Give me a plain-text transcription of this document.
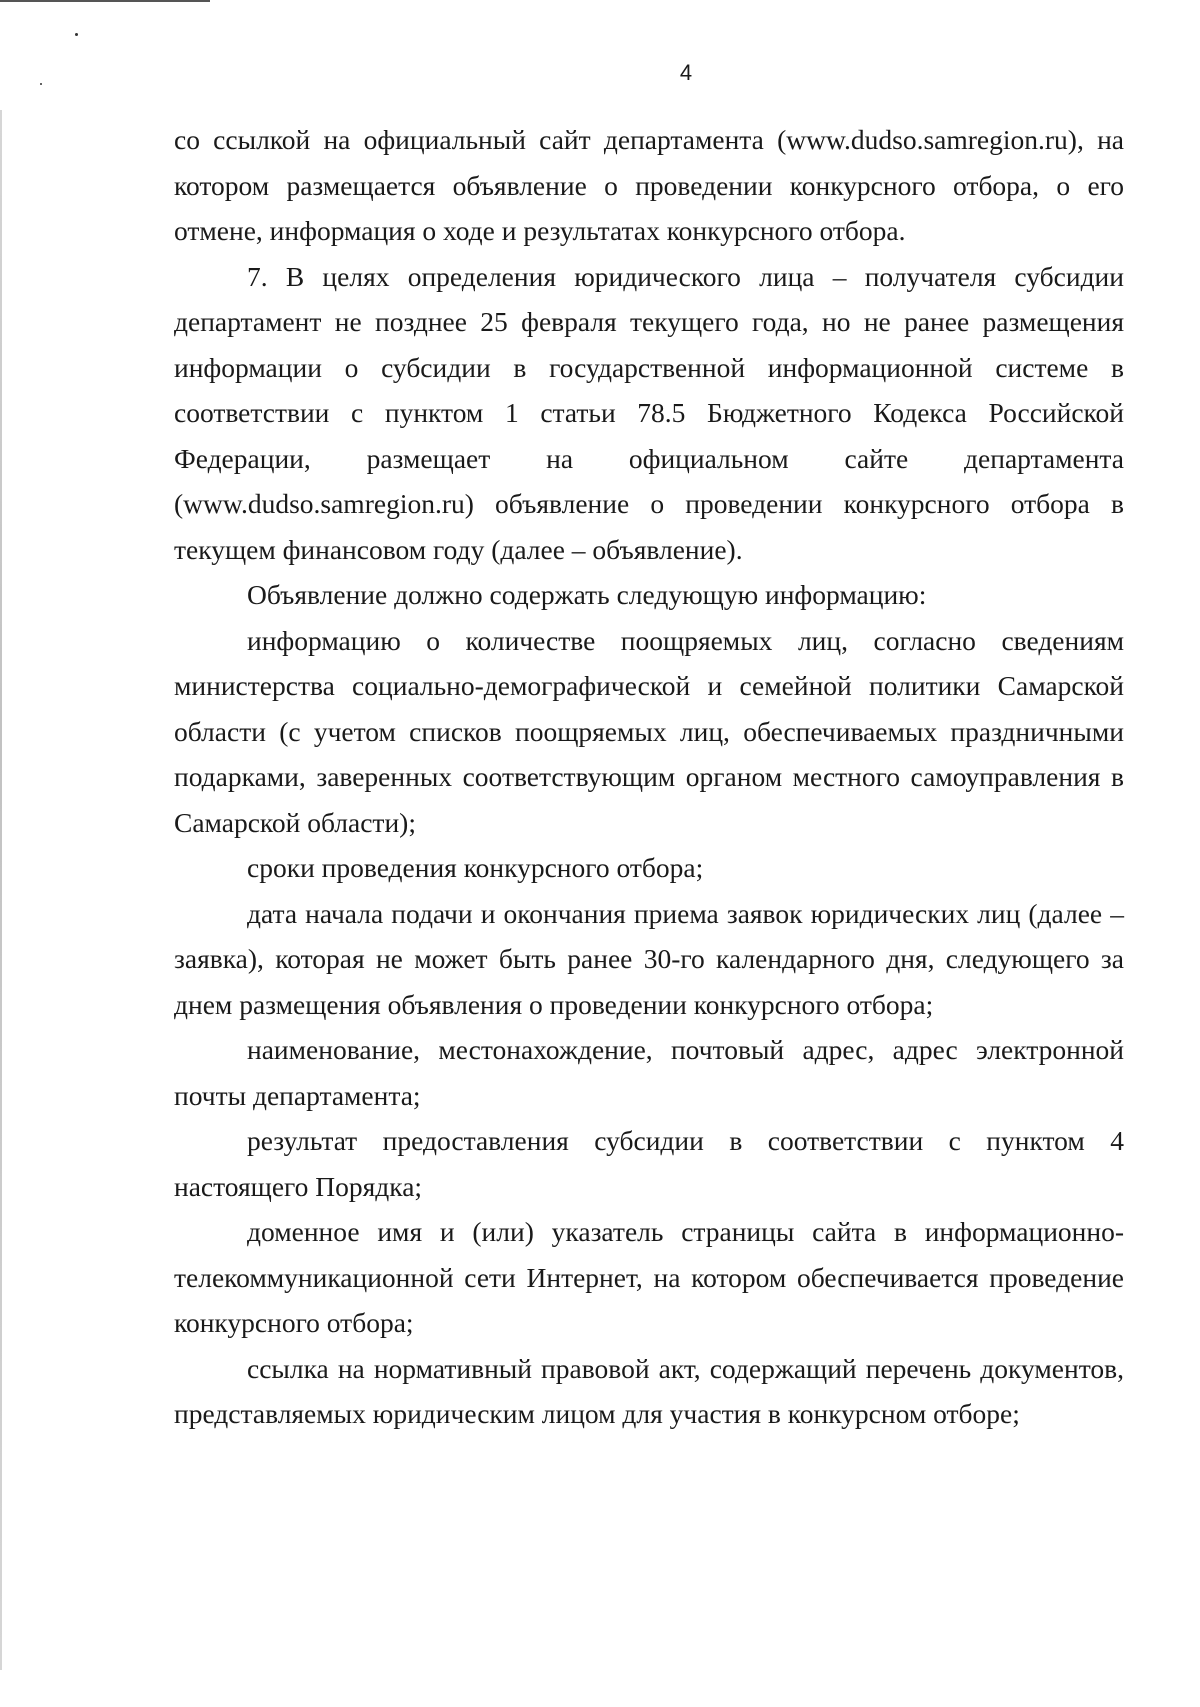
4

со ссылкой на официальный сайт департамента (www.dudso.samregion.ru), на котором размещается объявление о проведении конкурсного отбора, о его отмене, информация о ходе и результатах конкурсного отбора.

7. В целях определения юридического лица – получателя субсидии департамент не позднее 25 февраля текущего года, но не ранее размещения информации о субсидии в государственной информационной системе в соответствии с пунктом 1 статьи 78.5 Бюджетного Кодекса Российской Федерации, размещает на официальном сайте департамента (www.dudso.samregion.ru) объявление о проведении конкурсного отбора в текущем финансовом году (далее – объявление).

Объявление должно содержать следующую информацию:

информацию о количестве поощряемых лиц, согласно сведениям министерства социально-демографической и семейной политики Самарской области (с учетом списков поощряемых лиц, обеспечиваемых праздничными подарками, заверенных соответствующим органом местного самоуправления в Самарской области);

сроки проведения конкурсного отбора;

дата начала подачи и окончания приема заявок юридических лиц (далее – заявка), которая не может быть ранее 30-го календарного дня, следующего за днем размещения объявления о проведении конкурсного отбора;

наименование, местонахождение, почтовый адрес, адрес электронной почты департамента;

результат предоставления субсидии в соответствии с пунктом 4 настоящего Порядка;

доменное имя и (или) указатель страницы сайта в информационно-телекоммуникационной сети Интернет, на котором обеспечивается проведение конкурсного отбора;

ссылка на нормативный правовой акт, содержащий перечень документов, представляемых юридическим лицом для участия в конкурсном отборе;
